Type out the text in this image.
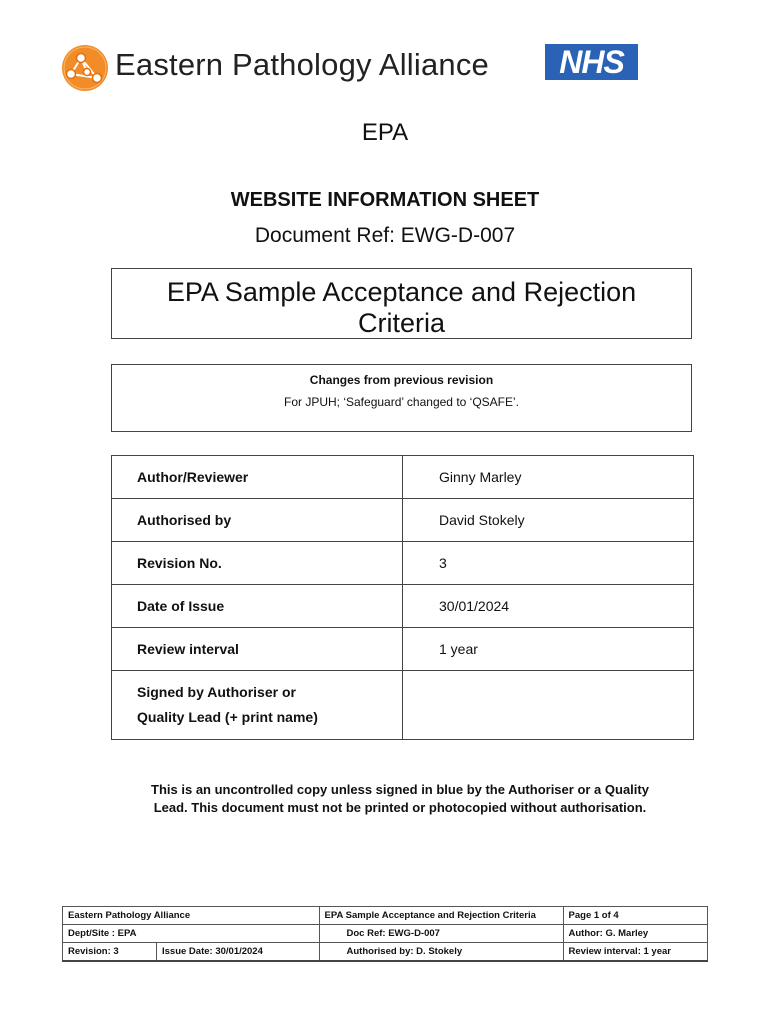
Eastern Pathology Alliance	NHS
EPA
WEBSITE INFORMATION SHEET
Document Ref: EWG-D-007
EPA Sample Acceptance and Rejection
Criteria
Changes from previous revision
For JPUH; ‘Safeguard’ changed to ‘QSAFE’.
Author/Reviewer	Ginny Marley
Authorised by	David Stokely
Revision No.	3
Date of Issue	30/01/2024
Review interval	1 year

Signed by Authoriser or
Quality Lead (+ print name)	

This is an uncontrolled copy unless signed in blue by the Authoriser or a Quality
Lead. This document must not be printed or photocopied without authorisation.
Eastern Pathology Alliance		EPA Sample Acceptance and Rejection Criteria	Page 1 of 4
Dept/Site : EPA		Doc Ref: EWG-D-007	Author: G. Marley
Revision: 3	Issue Date: 30/01/2024	Authorised by: D. Stokely	Review interval: 1 year
